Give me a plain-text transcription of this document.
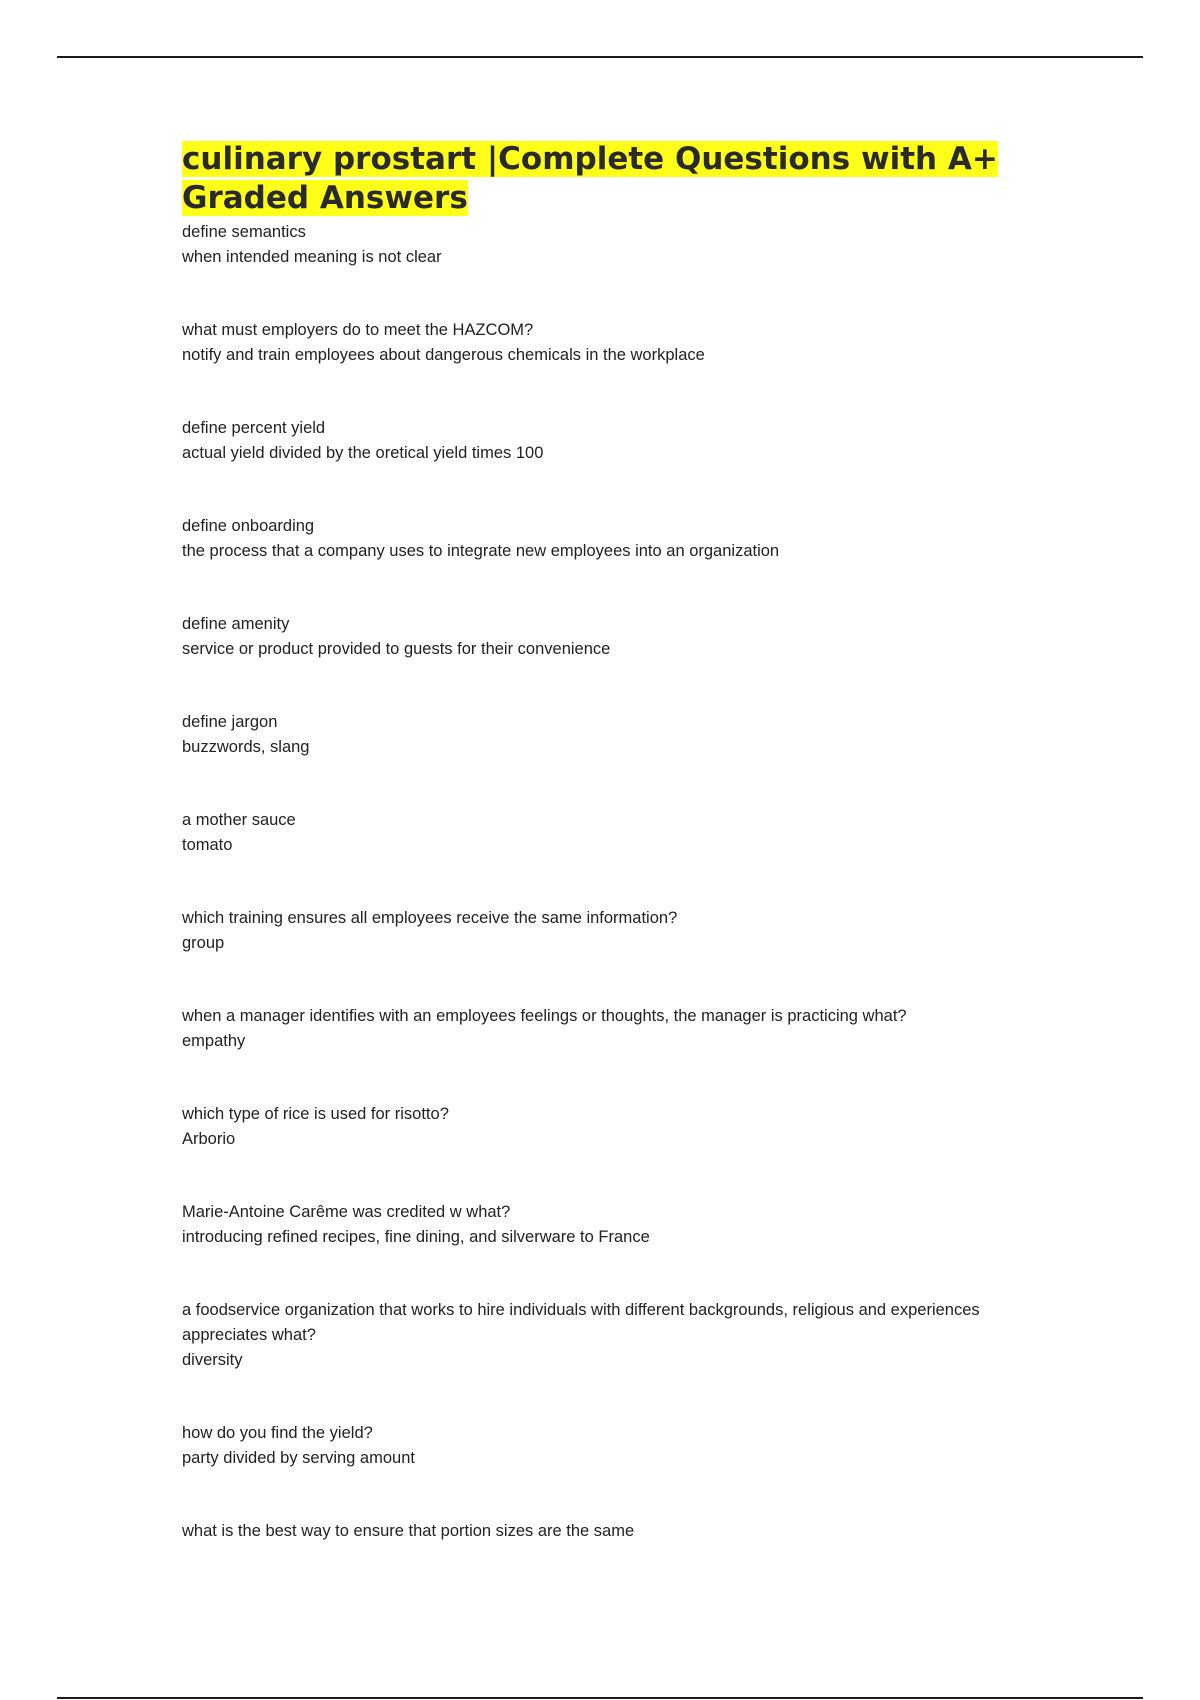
culinary prostart |Complete Questions with A+ Graded Answers
define semantics
when intended meaning is not clear
what must employers do to meet the HAZCOM?
notify and train employees about dangerous chemicals in the workplace
define percent yield
actual yield divided by the oretical yield times 100
define onboarding
the process that a company uses to integrate new employees into an organization
define amenity
service or product provided to guests for their convenience
define jargon
buzzwords, slang
a mother sauce
tomato
which training ensures all employees receive the same information?
group
when a manager identifies with an employees feelings or thoughts, the manager is practicing what?
empathy
which type of rice is used for risotto?
Arborio
Marie-Antoine Carême was credited w what?
introducing refined recipes, fine dining, and silverware to France
a foodservice organization that works to hire individuals with different backgrounds, religious and experiences appreciates what?
diversity
how do you find the yield?
party divided by serving amount
what is the best way to ensure that portion sizes are the same
